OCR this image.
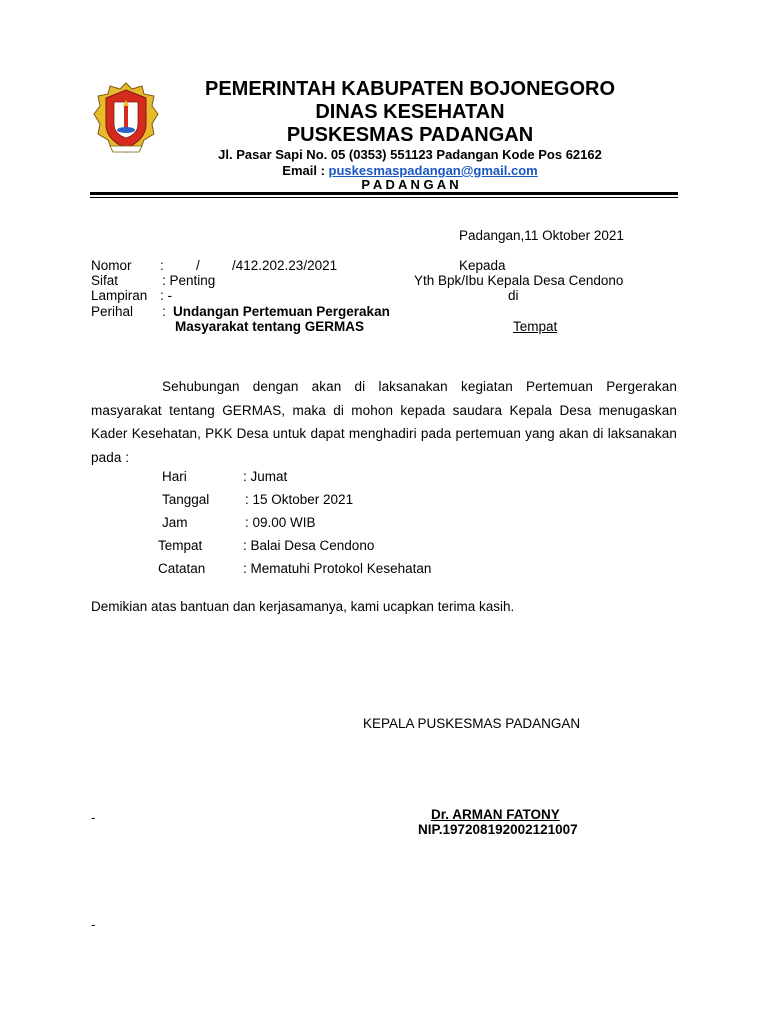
PEMERINTAH KABUPATEN BOJONEGORO
DINAS KESEHATAN
PUSKESMAS PADANGAN
Jl. Pasar Sapi No. 05 (0353) 551123 Padangan Kode Pos 62162
Email : puskesmaspadangan@gmail.com
P A D A N G A N
Padangan,11 Oktober 2021
Nomor : / /412.202.23/2021
Sifat	: Penting
Lampiran : -
Perihal : Undangan Pertemuan Pergerakan
Masyarakat tentang GERMAS
Kepada
Yth Bpk/Ibu Kepala Desa Cendono
di
Tempat
Sehubungan dengan akan di laksanakan kegiatan Pertemuan Pergerakan masyarakat tentang GERMAS, maka di mohon kepada saudara Kepala Desa menugaskan Kader Kesehatan, PKK Desa untuk dapat menghadiri pada pertemuan yang akan di laksanakan pada :
Hari	: Jumat
Tanggal	: 15 Oktober 2021
Jam	: 09.00 WIB
Tempat	: Balai Desa Cendono
Catatan	: Mematuhi Protokol Kesehatan
Demikian atas bantuan dan kerjasamanya, kami ucapkan terima kasih.
KEPALA PUSKESMAS PADANGAN
Dr. ARMAN FATONY
NIP.197208192002121007
-
-
